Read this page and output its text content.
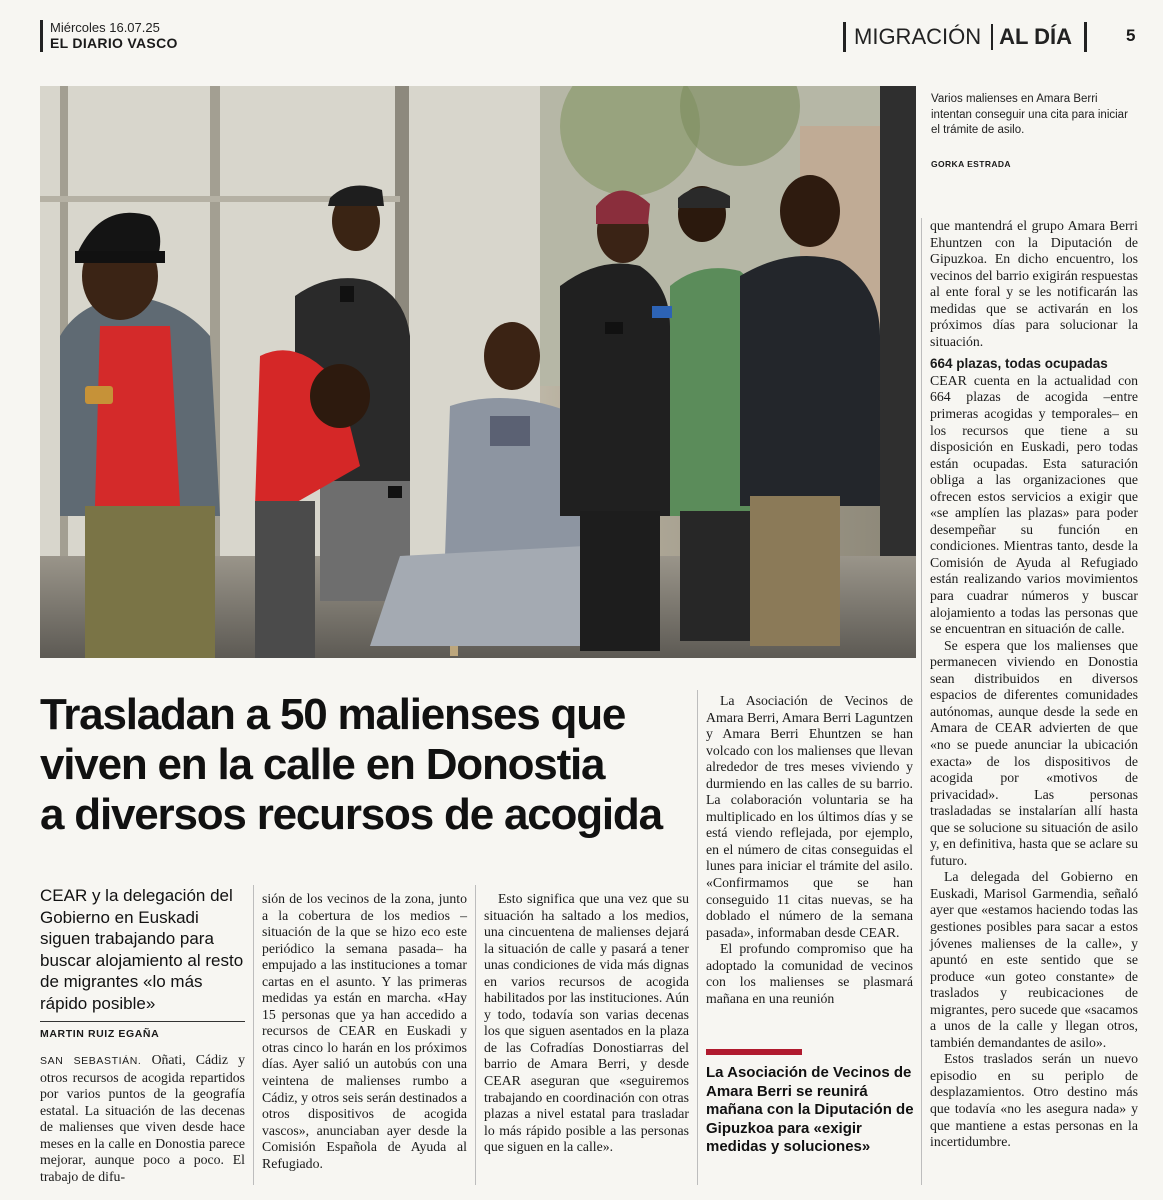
Miércoles 16.07.25
EL DIARIO VASCO	MIGRACIÓN AL DÍA	5
Varios malienses en Amara Berri intentan conseguir una cita para iniciar el trámite de asilo.
GORKA ESTRADA
Trasladan a 50 malienses que
viven en la calle en Donostia
a diversos recursos de acogida
CEAR y la delegación del Gobierno en Euskadi siguen trabajando para buscar alojamiento al resto de migrantes «lo más rápido posible»
MARTIN RUIZ EGAÑA

SAN SEBASTIÁN. Oñati, Cádiz y otros recursos de acogida repartidos por varios puntos de la geografía estatal. La situación de las decenas de malienses que viven desde hace meses en la calle en Donostia parece mejorar, aunque poco a poco. El trabajo de difu-

sión de los vecinos de la zona, junto a la cobertura de los medios –situación de la que se hizo eco este periódico la semana pasada– ha empujado a las instituciones a tomar cartas en el asunto. Y las primeras medidas ya están en marcha. «Hay 15 personas que ya han accedido a recursos de CEAR en Euskadi y otras cinco lo harán en los próximos días. Ayer salió un autobús con una veintena de malienses rumbo a Cádiz, y otros seis serán destinados a otros dispositivos de acogida vascos», anunciaban ayer desde la Comisión Española de Ayuda al Refugiado.

Esto significa que una vez que su situación ha saltado a los medios, una cincuentena de malienses dejará la situación de calle y pasará a tener unas condiciones de vida más dignas en varios recursos de acogida habilitados por las instituciones. Aún y todo, todavía son varias decenas los que siguen asentados en la plaza de las Cofradías Donostiarras del barrio de Amara Berri, y desde CEAR aseguran que «seguiremos trabajando en coordinación con otras plazas a nivel estatal para trasladar lo más rápido posible a las personas que siguen en la calle».

La Asociación de Vecinos de Amara Berri, Amara Berri Laguntzen y Amara Berri Ehuntzen se han volcado con los malienses que llevan alrededor de tres meses viviendo y durmiendo en las calles de su barrio. La colaboración voluntaria se ha multiplicado en los últimos días y se está viendo reflejada, por ejemplo, en el número de citas conseguidas el lunes para iniciar el trámite del asilo. «Confirmamos que se han conseguido 11 citas nuevas, se ha doblado el número de la semana pasada», informaban desde CEAR.

El profundo compromiso que ha adoptado la comunidad de vecinos con los malienses se plasmará mañana en una reunión

La Asociación de Vecinos de Amara Berri se reunirá mañana con la Diputación de Gipuzkoa para «exigir medidas y soluciones»

que mantendrá el grupo Amara Berri Ehuntzen con la Diputación de Gipuzkoa. En dicho encuentro, los vecinos del barrio exigirán respuestas al ente foral y se les notificarán las medidas que se activarán en los próximos días para solucionar la situación.

664 plazas, todas ocupadas

CEAR cuenta en la actualidad con 664 plazas de acogida –entre primeras acogidas y temporales– en los recursos que tiene a su disposición en Euskadi, pero todas están ocupadas. Esta saturación obliga a las organizaciones que ofrecen estos servicios a exigir que «se amplíen las plazas» para poder desempeñar su función en condiciones. Mientras tanto, desde la Comisión de Ayuda al Refugiado están realizando varios movimientos para cuadrar números y buscar alojamiento a todas las personas que se encuentran en situación de calle.

Se espera que los malienses que permanecen viviendo en Donostia sean distribuidos en diversos espacios de diferentes comunidades autónomas, aunque desde la sede en Amara de CEAR advierten de que «no se puede anunciar la ubicación exacta» de los dispositivos de acogida por «motivos de privacidad». Las personas trasladadas se instalarían allí hasta que se solucione su situación de asilo y, en definitiva, hasta que se aclare su futuro.

La delegada del Gobierno en Euskadi, Marisol Garmendia, señaló ayer que «estamos haciendo todas las gestiones posibles para sacar a estos jóvenes malienses de la calle», y apuntó en este sentido que se produce «un goteo constante» de traslados y reubicaciones de migrantes, pero sucede que «sacamos a unos de la calle y llegan otros, también demandantes de asilo».

Estos traslados serán un nuevo episodio en su periplo de desplazamientos. Otro destino más que todavía «no les asegura nada» y que mantiene a estas personas en la incertidumbre.
